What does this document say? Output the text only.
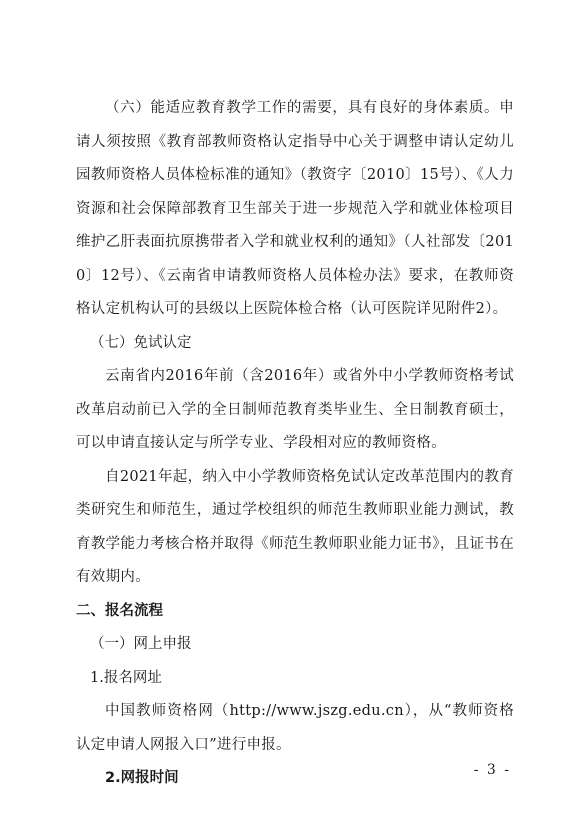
（六）能适应教育教学工作的需要，具有良好的身体素质。申请人须按照《教育部教师资格认定指导中心关于调整申请认定幼儿园教师资格人员体检标准的通知》（教资字〔2010〕15号）、《人力资源和社会保障部教育卫生部关于进一步规范入学和就业体检项目维护乙肝表面抗原携带者入学和就业权利的通知》（人社部发〔2010〕12号）、《云南省申请教师资格人员体检办法》要求，在教师资格认定机构认可的县级以上医院体检合格（认可医院详见附件2）。

（七）免试认定

云南省内2016年前（含2016年）或省外中小学教师资格考试改革启动前已入学的全日制师范教育类毕业生、全日制教育硕士，可以申请直接认定与所学专业、学段相对应的教师资格。

自2021年起，纳入中小学教师资格免试认定改革范围内的教育类研究生和师范生，通过学校组织的师范生教师职业能力测试，教育教学能力考核合格并取得《师范生教师职业能力证书》，且证书在有效期内。

二、报名流程

（一）网上申报

1.报名网址

中国教师资格网（http://www.jszg.edu.cn），从“教师资格认定申请人网报入口”进行申报。

2.网报时间	- 3 -
